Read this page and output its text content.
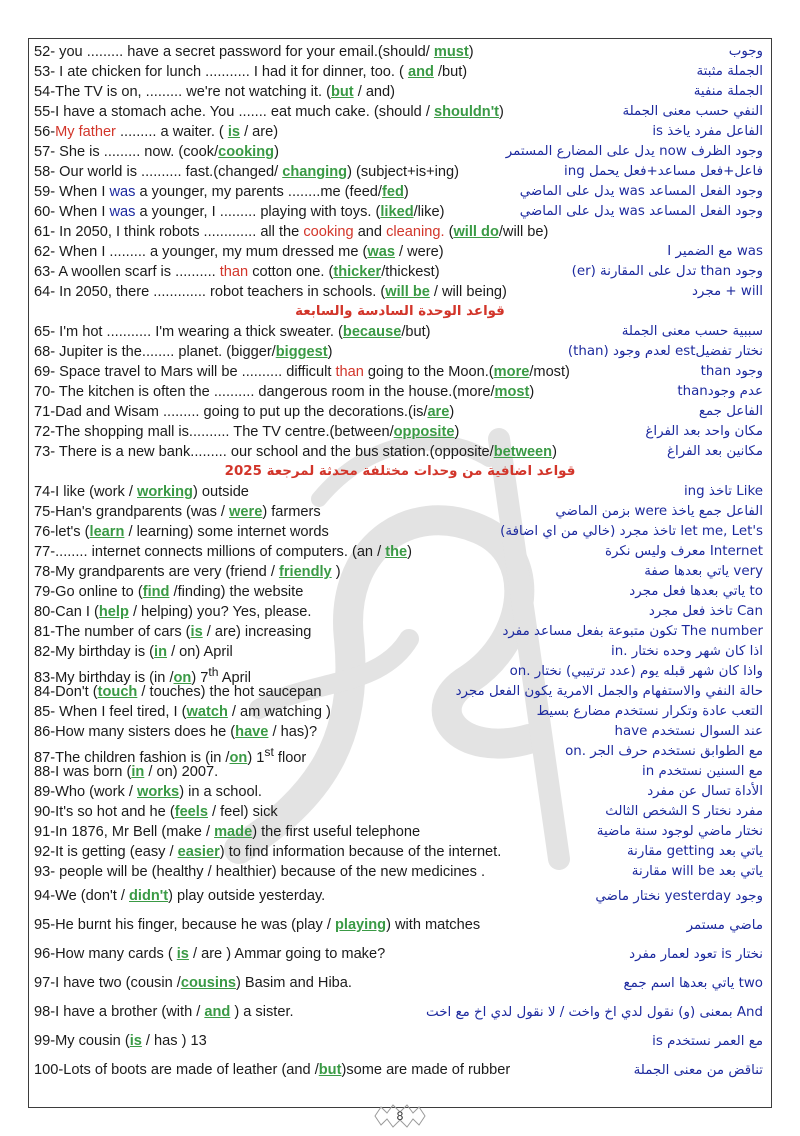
52- you ......... have a secret password for your email.(should/ must)	وجوب
53- I ate chicken for lunch ........... I had it for dinner, too. ( and /but)	الجملة مثبتة
54-The TV is on, ......... we're not watching it. (but / and)	الجملة منفية
55-I have a stomach ache. You ....... eat much cake. (should / shouldn't)	النفي حسب معنى الجملة
56-My father ......... a waiter. ( is / are)	الفاعل مفرد ياخذ is
57- She is ......... now. (cook/cooking)	وجود الظرف now يدل على المضارع المستمر
58- Our world is .......... fast.(changed/ changing) (subject+is+ing)	فاعل+فعل مساعد+فعل يحمل ing
59- When I was a younger, my parents ........me (feed/fed)	وجود الفعل المساعد was يدل على الماضي
60- When I was a younger, I ......... playing with toys. (liked/like)	وجود الفعل المساعد was يدل على الماضي
61- In 2050, I think robots ............. all the cooking and cleaning. (will do/will be)
62- When I ......... a younger, my mum dressed me (was / were)	was مع الضمير I
63- A woollen scarf is .......... than cotton one. (thicker/thickest)	وجود than تدل على المقارنة (er)
64- In 2050, there ............. robot teachers in schools. (will be / will being)	will + مجرد
قواعد الوحدة السادسة والسابعة
65- I'm hot ........... I'm wearing a thick sweater. (because/but)	سببية حسب معنى الجملة
68- Jupiter is the........ planet. (bigger/biggest)	نختار تفضيلest لعدم وجود (than)
69- Space travel to Mars will be .......... difficult than going to the Moon.(more/most)	وجود than
70- The kitchen is often the .......... dangerous room in the house.(more/most)	عدم وجودthan
71-Dad and Wisam ......... going to put up the decorations.(is/are)	الفاعل جمع
72-The shopping mall is.......... The TV centre.(between/opposite)	مكان واحد بعد الفراغ
73- There is a new bank......... our school and the bus station.(opposite/between)	مكانين بعد الفراغ
قواعد اضافية من وحدات مختلفة محدثة لمرجعة 2025
74-I like (work / working) outside	Like تاخذ ing
75-Han's grandparents (was / were) farmers	الفاعل جمع ياخذ were بزمن الماضي
76-let's (learn / learning) some internet words	let me, Let's تاخذ مجرد (خالي من اي اضافة)
77-........ internet connects millions of computers. (an / the)	Internet معرف وليس نكرة
78-My grandparents are very (friend / friendly )	very ياتي بعدها صفة
79-Go online to (find /finding) the website	to ياتي بعدها فعل مجرد
80-Can I (help / helping) you? Yes, please.	Can تاخذ فعل مجرد
81-The number of cars (is / are) increasing	The number تكون متبوعة بفعل مساعد مفرد
82-My birthday is (in / on) April	اذا كان شهر وحده نختار .in
83-My birthday is (in /on) 7th April	واذا كان شهر قبله يوم (عدد ترتيبي) نختار .on
84-Don't (touch / touches) the hot saucepan	حالة النفي والاستفهام والجمل الامرية يكون الفعل مجرد
85- When I feel tired, I (watch / am watching )	التعب عادة وتكرار نستخدم مضارع بسيط
86-How many sisters does he (have / has)?	عند السوال نستخدم have
87-The children fashion is (in /on) 1st floor	مع الطوابق نستخدم حرف الجر .on
88-I was born (in / on) 2007.	مع السنين نستخدم in
89-Who (work / works) in a school.	الأداة تسال عن مفرد
90-It's so hot and he (feels / feel) sick	مفرد نختار S الشخص الثالث
91-In 1876, Mr Bell (make / made) the first useful telephone	نختار ماضي لوجود سنة ماضية
92-It is getting (easy / easier) to find information because of the internet.	ياتي بعد getting مقارنة
93- people will be (healthy / healthier) because of the new medicines .	ياتي بعد will be مقارنة
94-We (don't / didn't) play outside yesterday.	وجود yesterday نختار ماضي
95-He burnt his finger, because he was (play / playing) with matches	ماضي مستمر
96-How many cards ( is / are ) Ammar going to make?	نختار is تعود لعمار مفرد
97-I have two (cousin /cousins) Basim and Hiba.	two ياتي بعدها اسم جمع
98-I have a brother (with / and ) a sister.	And بمعنى (و) نقول لدي اخ واخت / لا نقول لدي اخ مع اخت
99-My cousin (is / has ) 13	مع العمر نستخدم is
100-Lots of boots are made of leather (and /but)some are made of rubber	تناقض من معنى الجملة
8
